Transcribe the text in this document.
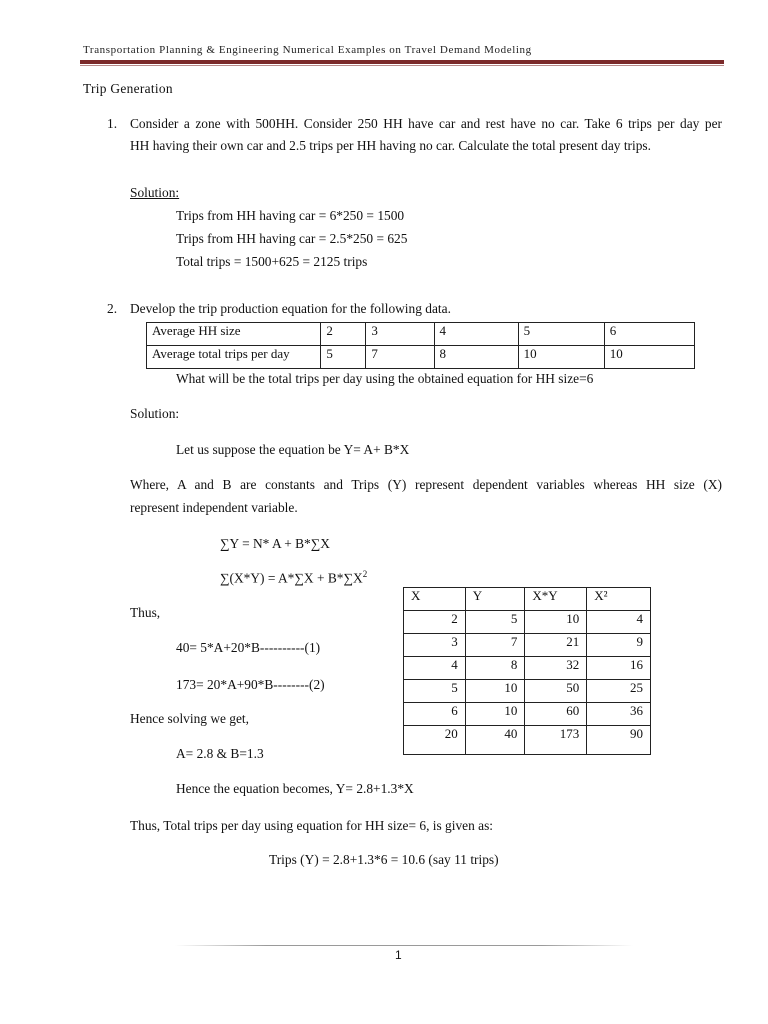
Transportation Planning & Engineering Numerical Examples on Travel Demand Modeling
Trip Generation
1. Consider a zone with 500HH. Consider 250 HH have car and rest have no car. Take 6 trips per day per
HH having their own car and 2.5 trips per HH having no car. Calculate the total present day trips.
Solution:
Trips from HH having car = 6*250 = 1500
Trips from HH having car = 2.5*250 = 625
Total trips = 1500+625 = 2125 trips
2. Develop the trip production equation for the following data.
Average HH size	2	3	4	5	6
Average total trips per day	5	7	8	10	10
What will be the total trips per day using the obtained equation for HH size=6
Solution:
Let us suppose the equation be Y= A+ B*X
Where, A and B are constants and Trips (Y) represent dependent variables whereas HH size (X)
represent independent variable.
∑Y = N* A + B*∑X
$\sum(X*Y) = A*\sum X + B*\sum X^2$
Thus,
40= 5*A+20*B----------(1)
173= 20*A+90*B--------(2)
Hence solving we get,
A= 2.8 & B=1.3
Hence the equation becomes, Y= 2.8+1.3*X
Thus, Total trips per day using equation for HH size= 6, is given as:
Trips (Y) = 2.8+1.3*6 = 10.6 (say 11 trips)
X	Y	X*Y	X²
2	5	10	4
3	7	21	9
4	8	32	16
5	10	50	25
6	10	60	36
20	40	173	90
1
